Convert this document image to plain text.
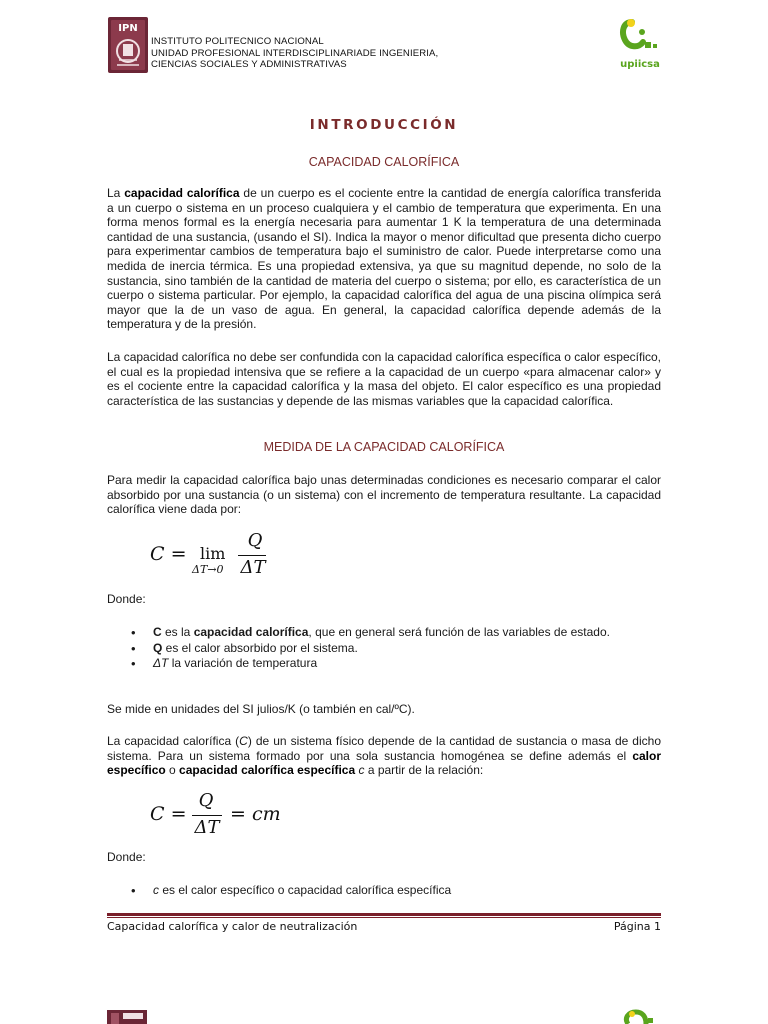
IPN
INSTITUTO POLITECNICO NACIONAL
UNIDAD PROFESIONAL INTERDISCIPLINARIADE INGENIERIA,
CIENCIAS SOCIALES Y ADMINISTRATIVAS	upiicsa
INTRODUCCIÓN
CAPACIDAD CALORÍFICA
La capacidad calorífica de un cuerpo es el cociente entre la cantidad de energía calorífica transferida a un cuerpo o sistema en un proceso cualquiera y el cambio de temperatura que experimenta. En una forma menos formal es la energía necesaria para aumentar 1 K la temperatura de una determinada cantidad de una sustancia, (usando el SI). Indica la mayor o menor dificultad que presenta dicho cuerpo para experimentar cambios de temperatura bajo el suministro de calor. Puede interpretarse como una medida de inercia térmica. Es una propiedad extensiva, ya que su magnitud depende, no solo de la sustancia, sino también de la cantidad de materia del cuerpo o sistema; por ello, es característica de un cuerpo o sistema particular. Por ejemplo, la capacidad calorífica del agua de una piscina olímpica será mayor que la de un vaso de agua. En general, la capacidad calorífica depende además de la temperatura y de la presión.
La capacidad calorífica no debe ser confundida con la capacidad calorífica específica o calor específico, el cual es la propiedad intensiva que se refiere a la capacidad de un cuerpo «para almacenar calor» y es el cociente entre la capacidad calorífica y la masa del objeto. El calor específico es una propiedad característica de las sustancias y depende de las mismas variables que la capacidad calorífica.
MEDIDA DE LA CAPACIDAD CALORÍFICA
Para medir la capacidad calorífica bajo unas determinadas condiciones es necesario comparar el calor absorbido por una sustancia (o un sistema) con el incremento de temperatura resultante. La capacidad calorífica viene dada por:
C = lim
ΔT→0
Q
ΔT
Donde:
• C es la capacidad calorífica, que en general será función de las variables de estado.
• Q es el calor absorbido por el sistema.
• ΔT la variación de temperatura
Se mide en unidades del SI julios/K (o también en cal/ºC).
La capacidad calorífica (C) de un sistema físico depende de la cantidad de sustancia o masa de dicho sistema. Para un sistema formado por una sola sustancia homogénea se define además el calor específico o capacidad calorífica específica c a partir de la relación:
C =
Q
ΔT
= cm
Donde:
• c es el calor específico o capacidad calorífica específica
Capacidad calorífica y calor de neutralización	Página 1
